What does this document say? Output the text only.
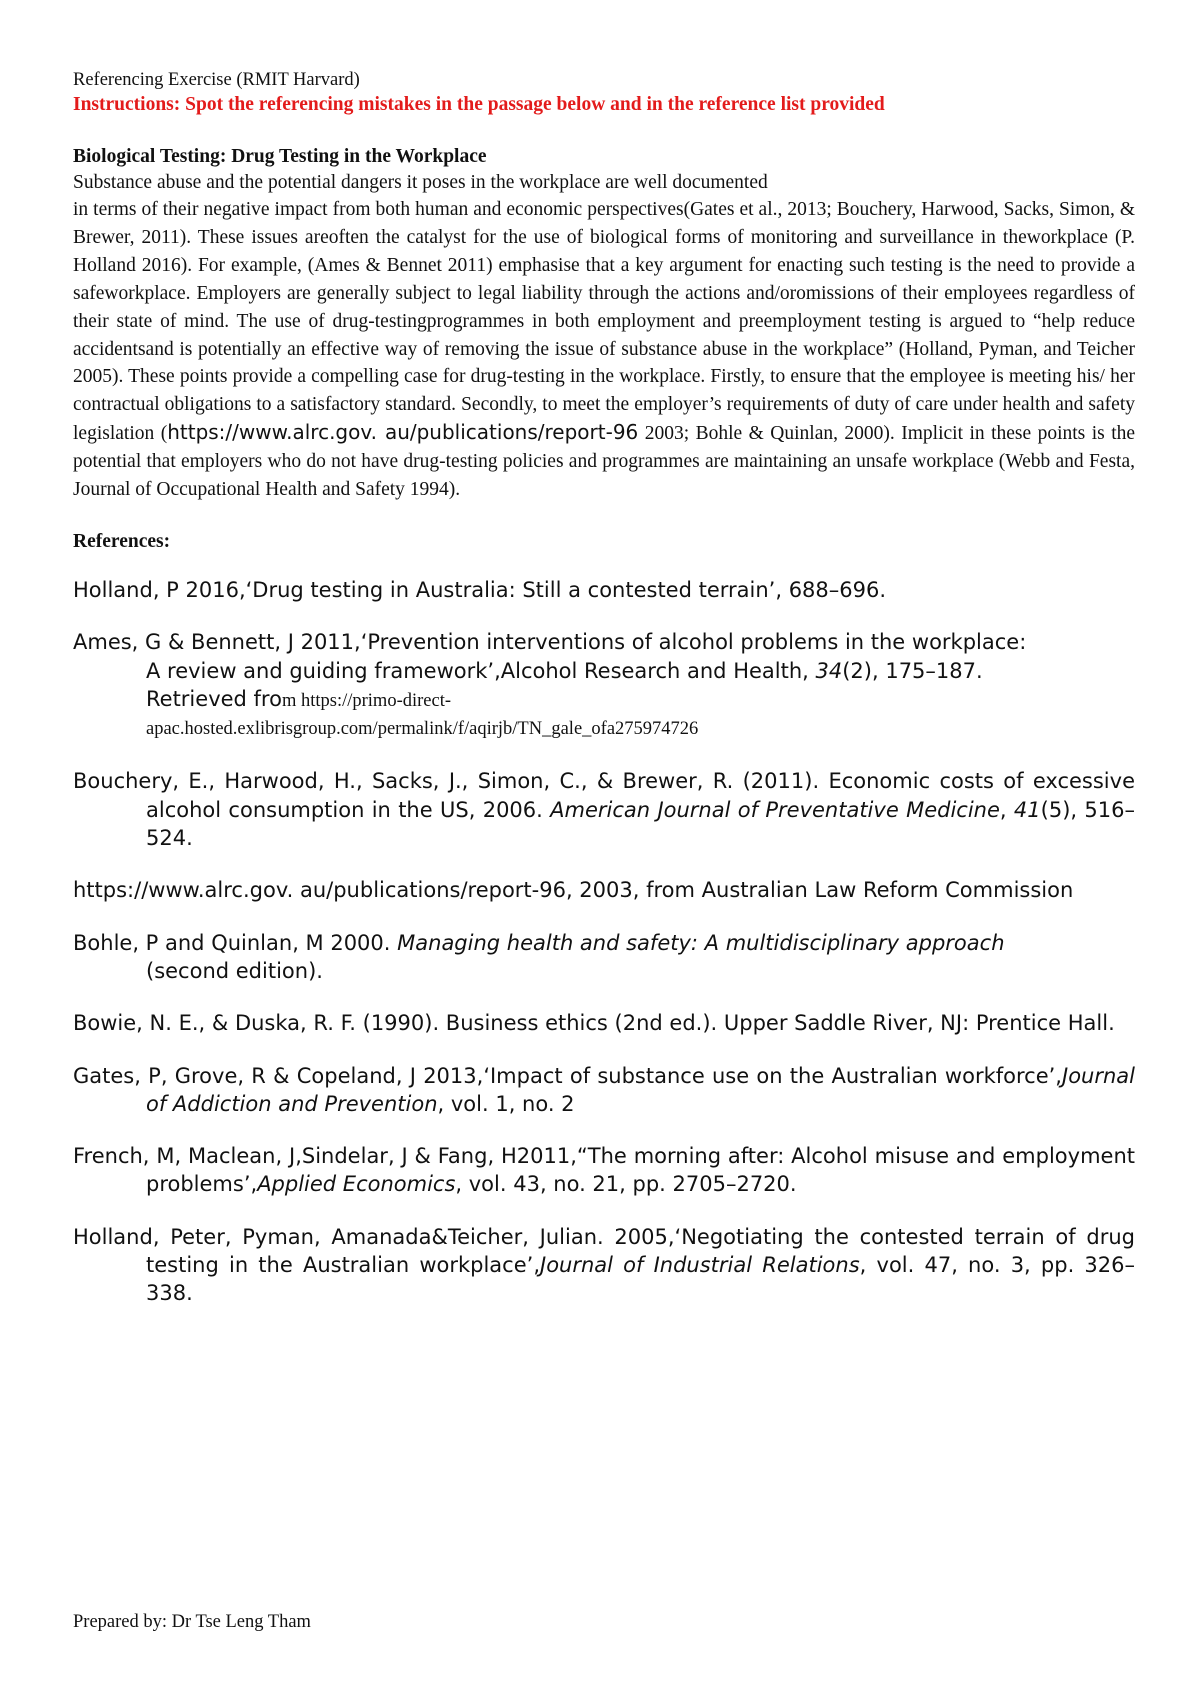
Referencing Exercise (RMIT Harvard)

Instructions: Spot the referencing mistakes in the passage below and in the reference list provided

Biological Testing: Drug Testing in the Workplace

Substance abuse and the potential dangers it poses in the workplace are well documented

in terms of their negative impact from both human and economic perspectives(Gates et al., 2013; Bouchery, Harwood, Sacks, Simon, & Brewer, 2011). These issues areoften the catalyst for the use of biological forms of monitoring and surveillance in theworkplace (P. Holland 2016). For example, (Ames & Bennet 2011) emphasise that a key argument for enacting such testing is the need to provide a safeworkplace. Employers are generally subject to legal liability through the actions and/oromissions of their employees regardless of their state of mind. The use of drug-testingprogrammes in both employment and preemployment testing is argued to “help reduce accidentsand is potentially an effective way of removing the issue of substance abuse in the workplace” (Holland, Pyman, and Teicher 2005). These points provide a compelling case for drug-testing in the workplace. Firstly, to ensure that the employee is meeting his/ her contractual obligations to a satisfactory standard. Secondly, to meet the employer’s requirements of duty of care under health and safety legislation (https://www.alrc.gov. au/publications/report-96 2003; Bohle & Quinlan, 2000). Implicit in these points is the potential that employers who do not have drug-testing policies and programmes are maintaining an unsafe workplace (Webb and Festa, Journal of Occupational Health and Safety 1994).

References:

Holland, P 2016,‘Drug testing in Australia: Still a contested terrain’, 688–696.

Ames, G & Bennett, J 2011,‘Prevention interventions of alcohol problems in the workplace:
A review and guiding framework’,Alcohol Research and Health, 34(2), 175–187.
Retrieved from https://primo-direct-
apac.hosted.exlibrisgroup.com/permalink/f/aqirjb/TN_gale_ofa275974726

Bouchery, E., Harwood, H., Sacks, J., Simon, C., & Brewer, R. (2011). Economic costs of excessive alcohol consumption in the US, 2006. American Journal of Preventative Medicine, 41(5), 516–524.

https://www.alrc.gov. au/publications/report-96, 2003, from Australian Law Reform Commission

Bohle, P and Quinlan, M 2000. Managing health and safety: A multidisciplinary approach
(second edition).

Bowie, N. E., & Duska, R. F. (1990). Business ethics (2nd ed.). Upper Saddle River, NJ: Prentice Hall.

Gates, P, Grove, R & Copeland, J 2013,‘Impact of substance use on the Australian workforce’,Journal of Addiction and Prevention, vol. 1, no. 2

French, M, Maclean, J,Sindelar, J & Fang, H2011,“The morning after: Alcohol misuse and employment problems’,Applied Economics, vol. 43, no. 21, pp. 2705–2720.

Holland, Peter, Pyman, Amanada&Teicher, Julian. 2005,‘Negotiating the contested terrain of drug testing in the Australian workplace’,Journal of Industrial Relations, vol. 47, no. 3, pp. 326–338.

Prepared by: Dr Tse Leng Tham
